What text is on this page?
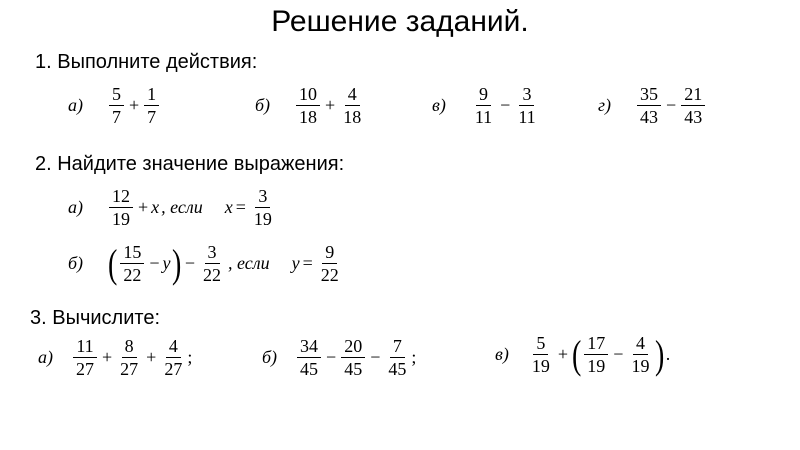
Решение заданий.
1. Выполните действия:
$а) \frac{5}{7} + \frac{1}{7}$	$б) \frac{10}{18} + \frac{4}{18}$	$в) \frac{9}{11} - \frac{3}{11}$	$г) \frac{35}{43} - \frac{21}{43}$
2. Найдите значение выражения:
$а) \frac{12}{19} + x$ , если $x = \frac{3}{19}$
б) ( $\frac{15}{22} - y$ ) − $\frac{3}{22}$ , если $y = \frac{9}{22}$
3. Вычислите:
$а) \frac{11}{27} + \frac{8}{27} + \frac{4}{27}$ ;	$б) \frac{34}{45} - \frac{20}{45} - \frac{7}{45}$ ;	$в) \frac{5}{19}$ + ( $\frac{17}{19} - \frac{4}{19}$ ) .
